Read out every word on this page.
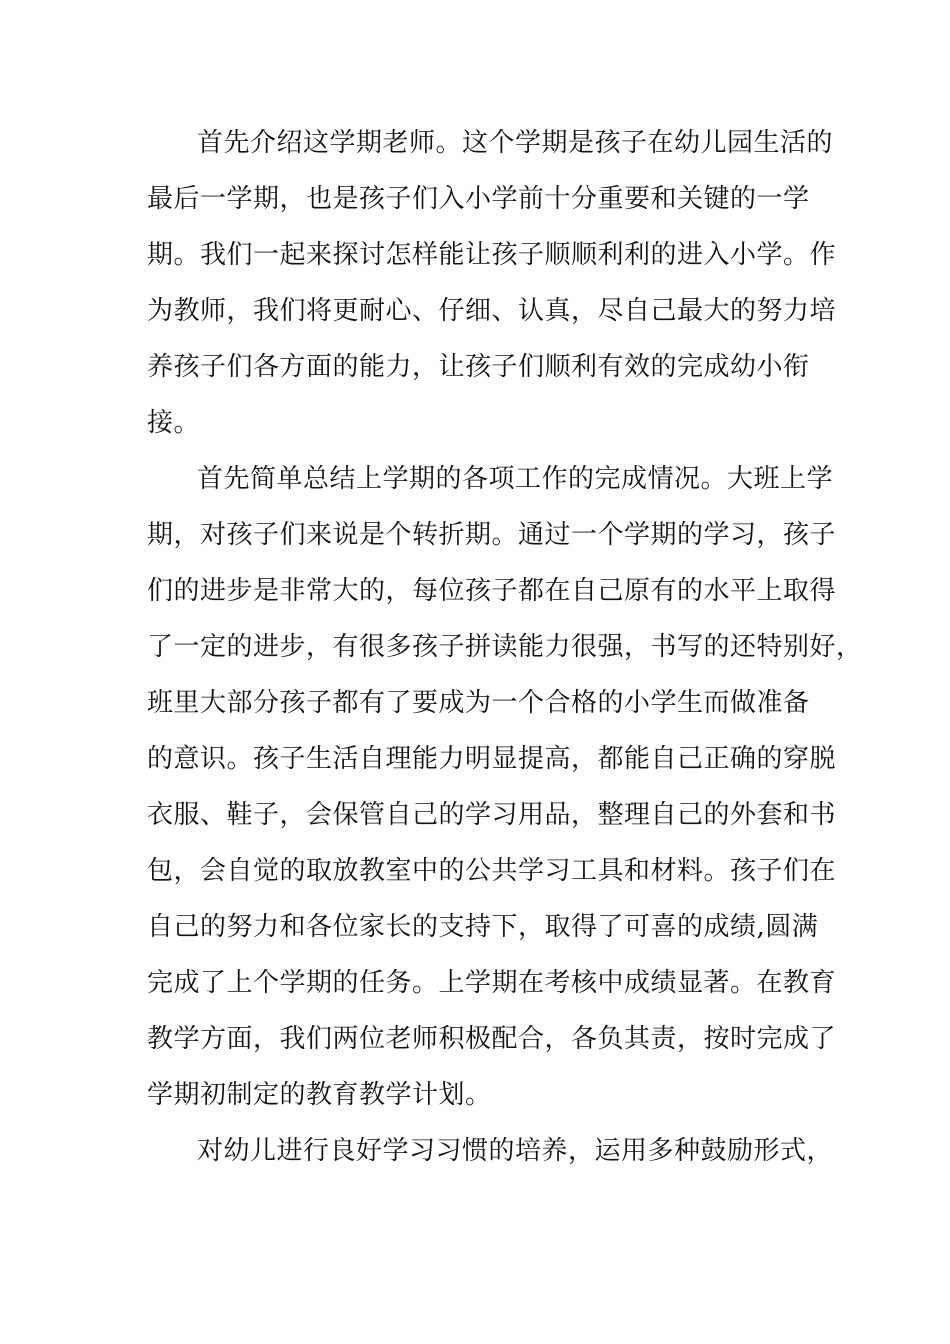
首先介绍这学期老师。这个学期是孩子在幼儿园生活的
最后一学期，也是孩子们入小学前十分重要和关键的一学
期。我们一起来探讨怎样能让孩子顺顺利利的进入小学。作
为教师，我们将更耐心、仔细、认真，尽自己最大的努力培
养孩子们各方面的能力，让孩子们顺利有效的完成幼小衔
接。
首先简单总结上学期的各项工作的完成情况。大班上学
期，对孩子们来说是个转折期。通过一个学期的学习，孩子
们的进步是非常大的，每位孩子都在自己原有的水平上取得
了一定的进步，有很多孩子拼读能力很强，书写的还特别好，
班里大部分孩子都有了要成为一个合格的小学生而做准备
的意识。孩子生活自理能力明显提高，都能自己正确的穿脱
衣服、鞋子，会保管自己的学习用品，整理自己的外套和书
包，会自觉的取放教室中的公共学习工具和材料。孩子们在
自己的努力和各位家长的支持下，取得了可喜的成绩,圆满
完成了上个学期的任务。上学期在考核中成绩显著。在教育
教学方面，我们两位老师积极配合，各负其责，按时完成了
学期初制定的教育教学计划。
对幼儿进行良好学习习惯的培养，运用多种鼓励形式，
